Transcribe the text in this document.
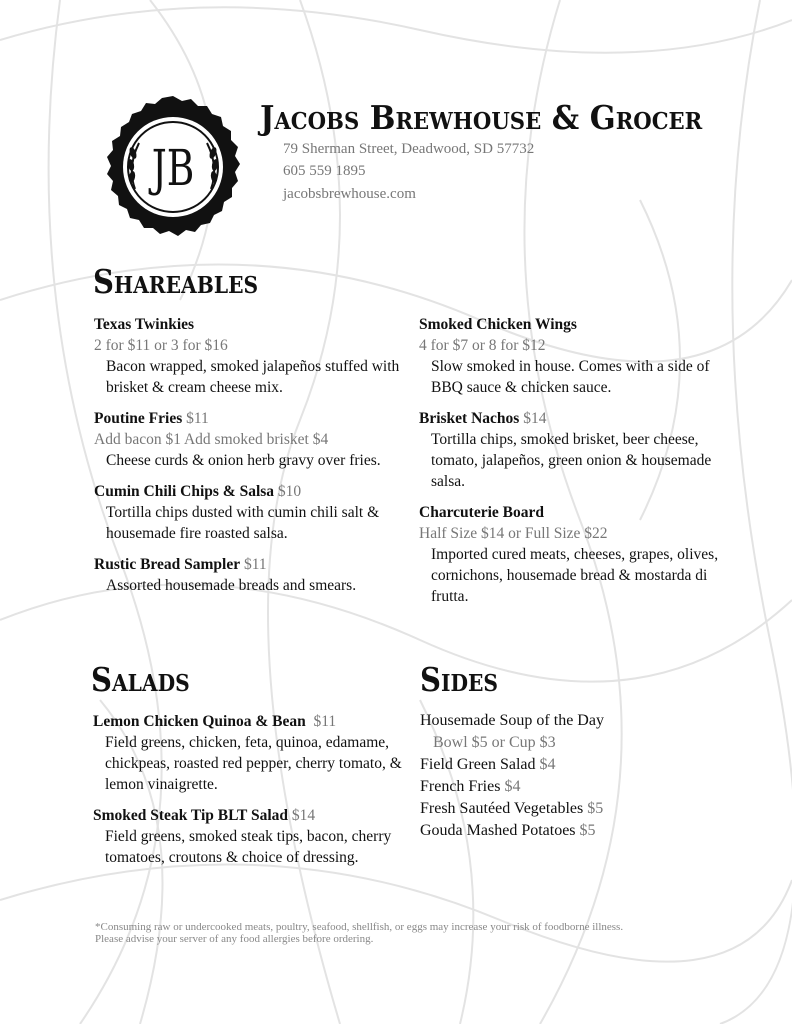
JB
Jacobs Brewhouse & Grocer
79 Sherman Street, Deadwood, SD 57732
605 559 1895
jacobsbrewhouse.com
Shareables
Texas Twinkies
2 for $11 or 3 for $16
Bacon wrapped, smoked jalapeños stuffed with brisket & cream cheese mix.
Poutine Fries $11
Add bacon $1 Add smoked brisket $4
Cheese curds & onion herb gravy over fries.
Cumin Chili Chips & Salsa $10
Tortilla chips dusted with cumin chili salt & housemade fire roasted salsa.
Rustic Bread Sampler $11
Assorted housemade breads and smears.
Smoked Chicken Wings
4 for $7 or 8 for $12
Slow smoked in house. Comes with a side of BBQ sauce & chicken sauce.
Brisket Nachos $14
Tortilla chips, smoked brisket, beer cheese, tomato, jalapeños, green onion & housemade salsa.
Charcuterie Board
Half Size $14 or Full Size $22
Imported cured meats, cheeses, grapes, olives, cornichons, housemade bread & mostarda di frutta.
Salads
Lemon Chicken Quinoa & Bean $11
Field greens, chicken, feta, quinoa, edamame, chickpeas, roasted red pepper, cherry tomato, & lemon vinaigrette.
Smoked Steak Tip BLT Salad $14
Field greens, smoked steak tips, bacon, cherry tomatoes, croutons & choice of dressing.
Sides
Housemade Soup of the Day
Bowl $5 or Cup $3
Field Green Salad $4
French Fries $4
Fresh Sautéed Vegetables $5
Gouda Mashed Potatoes $5
*Consuming raw or undercooked meats, poultry, seafood, shellfish, or eggs may increase your risk of foodborne illness.
Please advise your server of any food allergies before ordering.
